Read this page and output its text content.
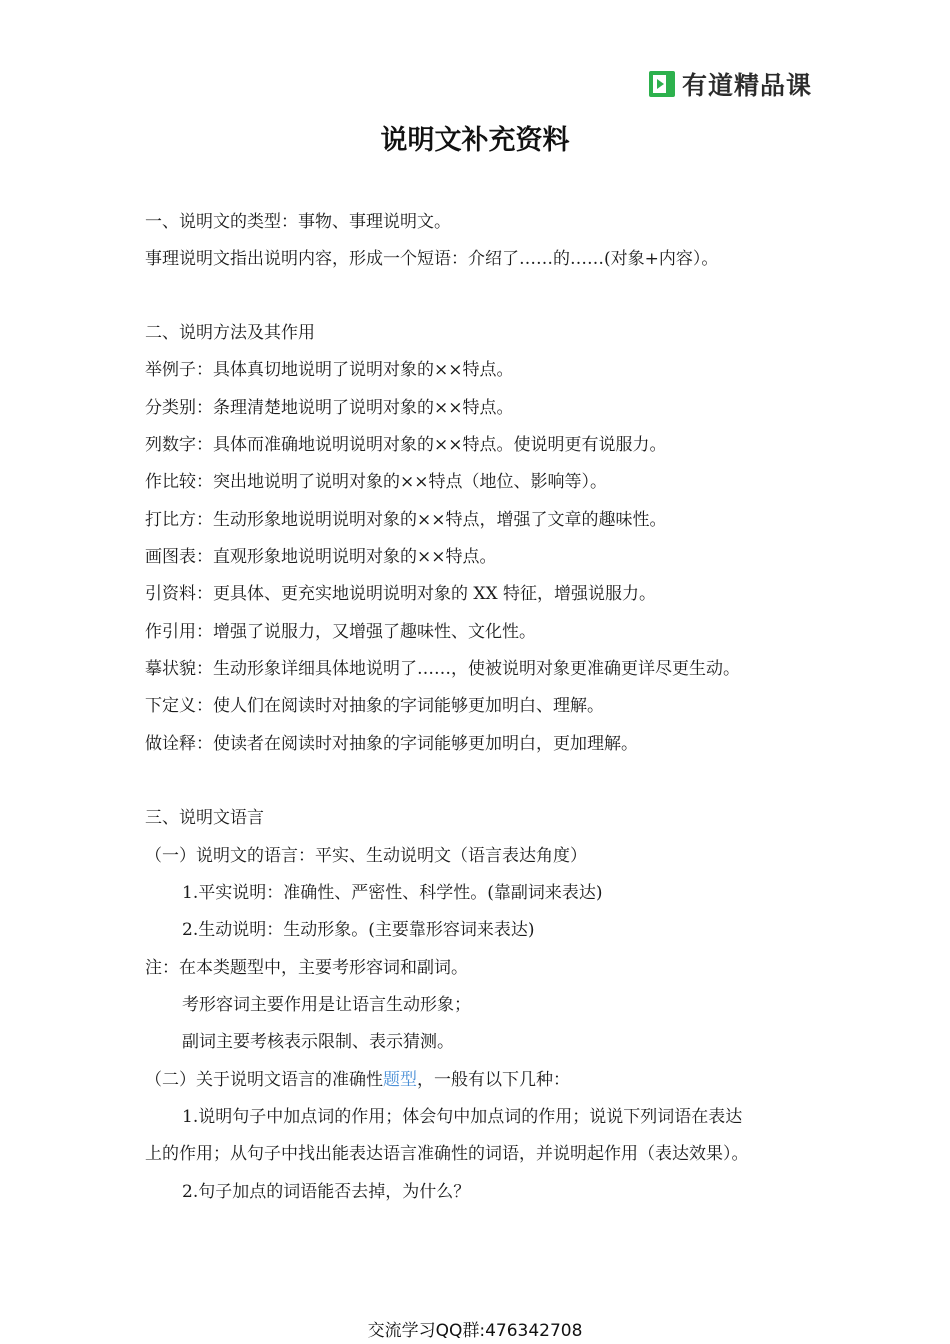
有道精品课
说明文补充资料
一、说明文的类型：事物、事理说明文。
事理说明文指出说明内容，形成一个短语：介绍了……的……(对象+内容）。
二、说明方法及其作用
举例子：具体真切地说明了说明对象的××特点。
分类别：条理清楚地说明了说明对象的××特点。
列数字：具体而准确地说明说明对象的××特点。使说明更有说服力。
作比较：突出地说明了说明对象的××特点（地位、影响等）。
打比方：生动形象地说明说明对象的××特点，增强了文章的趣味性。
画图表：直观形象地说明说明对象的××特点。
引资料：更具体、更充实地说明说明对象的 XX 特征，增强说服力。
作引用：增强了说服力，又增强了趣味性、文化性。
摹状貌：生动形象详细具体地说明了……，使被说明对象更准确更详尽更生动。
下定义：使人们在阅读时对抽象的字词能够更加明白、理解。
做诠释：使读者在阅读时对抽象的字词能够更加明白，更加理解。
三、说明文语言
（一）说明文的语言：平实、生动说明文（语言表达角度）
1.平实说明：准确性、严密性、科学性。(靠副词来表达)
2.生动说明：生动形象。(主要靠形容词来表达)
注：在本类题型中，主要考形容词和副词。
考形容词主要作用是让语言生动形象；
副词主要考核表示限制、表示猜测。
（二）关于说明文语言的准确性题型，一般有以下几种：
1.说明句子中加点词的作用；体会句中加点词的作用；说说下列词语在表达
上的作用；从句子中找出能表达语言准确性的词语，并说明起作用（表达效果）。
2.句子加点的词语能否去掉，为什么？
交流学习QQ群:476342708
